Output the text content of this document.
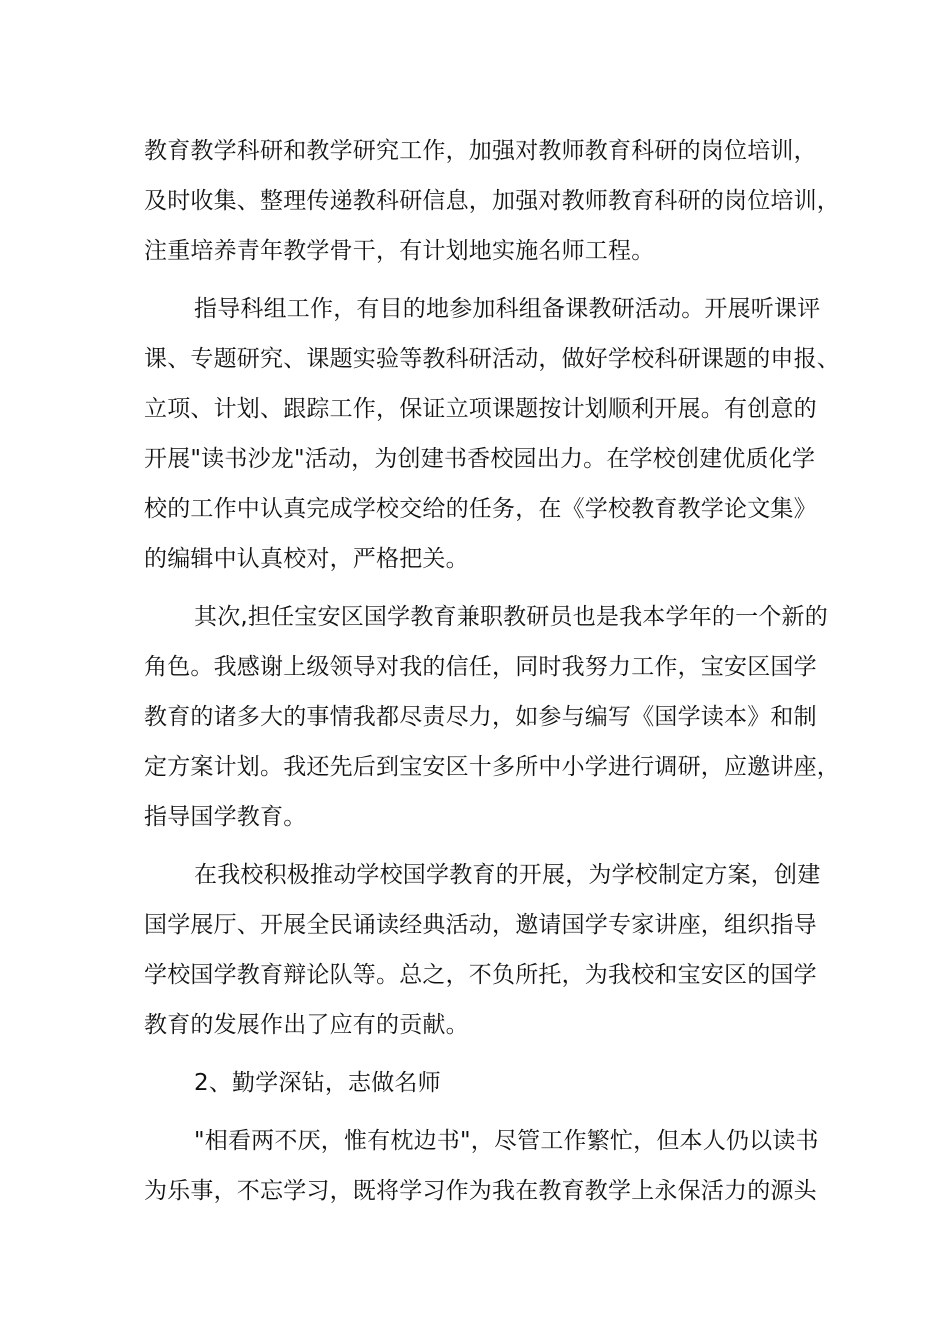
教育教学科研和教学研究工作，加强对教师教育科研的岗位培训，
及时收集、整理传递教科研信息，加强对教师教育科研的岗位培训，
注重培养青年教学骨干，有计划地实施名师工程。
指导科组工作，有目的地参加科组备课教研活动。开展听课评
课、专题研究、课题实验等教科研活动，做好学校科研课题的申报、
立项、计划、跟踪工作，保证立项课题按计划顺利开展。有创意的
开展"读书沙龙"活动，为创建书香校园出力。在学校创建优质化学
校的工作中认真完成学校交给的任务，在《学校教育教学论文集》
的编辑中认真校对，严格把关。
其次,担任宝安区国学教育兼职教研员也是我本学年的一个新的
角色。我感谢上级领导对我的信任，同时我努力工作，宝安区国学
教育的诸多大的事情我都尽责尽力，如参与编写《国学读本》和制
定方案计划。我还先后到宝安区十多所中小学进行调研，应邀讲座，
指导国学教育。
在我校积极推动学校国学教育的开展，为学校制定方案，创建
国学展厅、开展全民诵读经典活动，邀请国学专家讲座，组织指导
学校国学教育辩论队等。总之，不负所托，为我校和宝安区的国学
教育的发展作出了应有的贡献。
2、勤学深钻，志做名师
"相看两不厌，惟有枕边书"，尽管工作繁忙，但本人仍以读书
为乐事，不忘学习，既将学习作为我在教育教学上永保活力的源头
